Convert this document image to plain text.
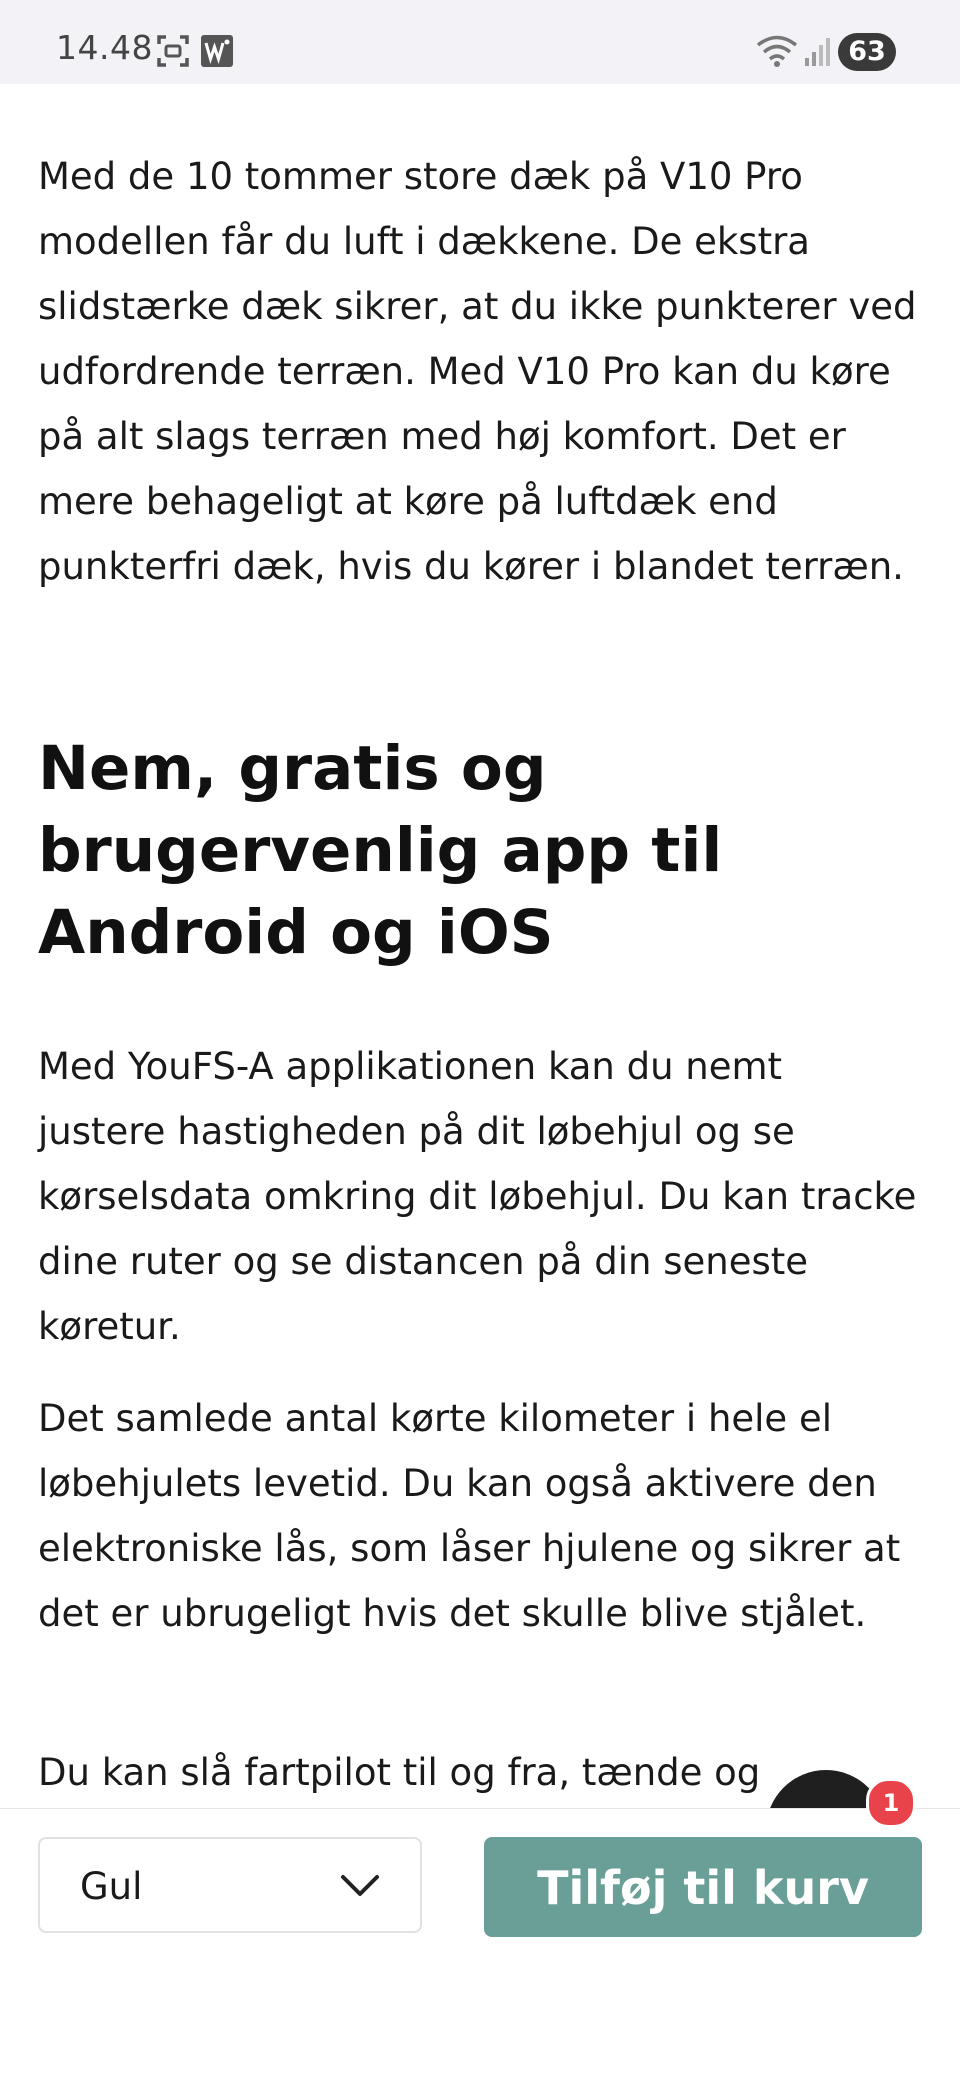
14.48	63

Med de 10 tommer store dæk på V10 Pro modellen får du luft i dækkene. De ekstra slidstærke dæk sikrer, at du ikke punkterer ved udfordrende terræn. Med V10 Pro kan du køre på alt slags terræn med høj komfort. Det er mere behageligt at køre på luftdæk end punkterfri dæk, hvis du kører i blandet terræn.

Nem, gratis og brugervenlig app til Android og iOS

Med YouFS-A applikationen kan du nemt justere hastigheden på dit løbehjul og se kørselsdata omkring dit løbehjul. Du kan tracke dine ruter og se distancen på din seneste køretur.

Det samlede antal kørte kilometer i hele el løbehjulets levetid. Du kan også aktivere den elektroniske lås, som låser hjulene og sikrer at det er ubrugeligt hvis det skulle blive stjålet.

Du kan slå fartpilot til og fra, tænde og

1
Gul	Tilføj til kurv
